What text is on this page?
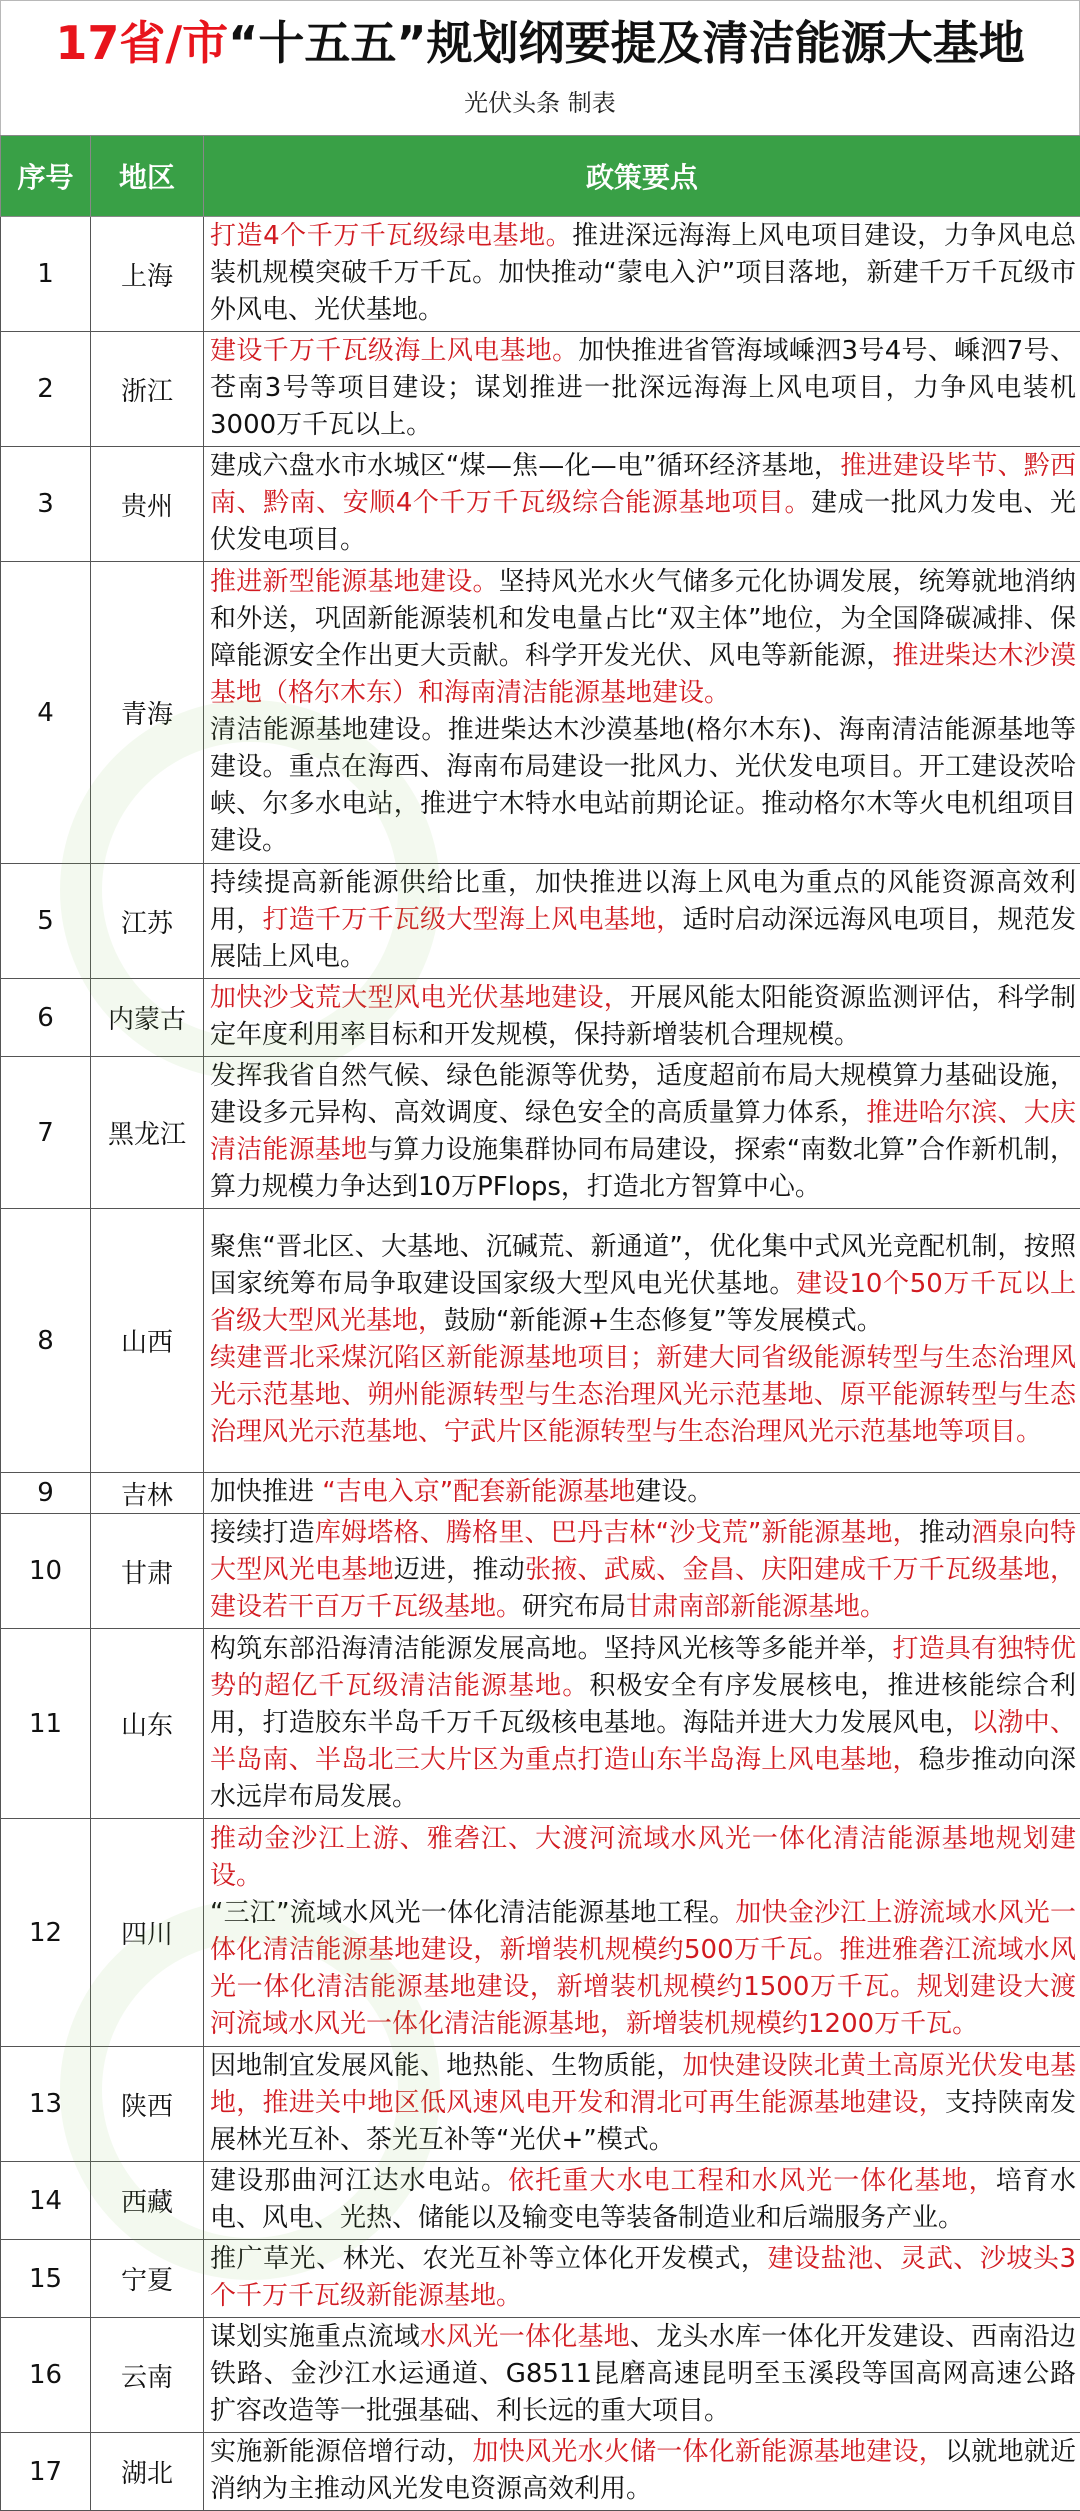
17省/市“十五五”规划纲要提及清洁能源大基地
光伏头条 制表
序号	地区	政策要点
1	上海	打造4个千万千瓦级绿电基地。推进深远海海上风电项目建设，力争风电总装机规模突破千万千瓦。加快推动“蒙电入沪”项目落地，新建千万千瓦级市外风电、光伏基地。
2	浙江	建设千万千瓦级海上风电基地。加快推进省管海域嵊泗3号4号、嵊泗7号、苍南3号等项目建设；谋划推进一批深远海海上风电项目，力争风电装机3000万千瓦以上。
3	贵州	建成六盘水市水城区“煤—焦—化—电”循环经济基地，推进建设毕节、黔西南、黔南、安顺4个千万千瓦级综合能源基地项目。建成一批风力发电、光伏发电项目。
4	青海	推进新型能源基地建设。坚持风光水火气储多元化协调发展，统筹就地消纳和外送，巩固新能源装机和发电量占比“双主体”地位，为全国降碳减排、保障能源安全作出更大贡献。科学开发光伏、风电等新能源，推进柴达木沙漠基地（格尔木东）和海南清洁能源基地建设。
清洁能源基地建设。推进柴达木沙漠基地(格尔木东)、海南清洁能源基地等建设。重点在海西、海南布局建设一批风力、光伏发电项目。开工建设茨哈峡、尔多水电站，推进宁木特水电站前期论证。推动格尔木等火电机组项目建设。
5	江苏	持续提高新能源供给比重，加快推进以海上风电为重点的风能资源高效利用，打造千万千瓦级大型海上风电基地，适时启动深远海风电项目，规范发展陆上风电。
6	内蒙古	加快沙戈荒大型风电光伏基地建设，开展风能太阳能资源监测评估，科学制定年度利用率目标和开发规模，保持新增装机合理规模。
7	黑龙江	发挥我省自然气候、绿色能源等优势，适度超前布局大规模算力基础设施，建设多元异构、高效调度、绿色安全的高质量算力体系，推进哈尔滨、大庆清洁能源基地与算力设施集群协同布局建设，探索“南数北算”合作新机制，算力规模力争达到10万PFlops，打造北方智算中心。
8	山西	聚焦“晋北区、大基地、沉碱荒、新通道”，优化集中式风光竞配机制，按照国家统筹布局争取建设国家级大型风电光伏基地。建设10个50万千瓦以上省级大型风光基地，鼓励“新能源+生态修复”等发展模式。
续建晋北采煤沉陷区新能源基地项目；新建大同省级能源转型与生态治理风光示范基地、朔州能源转型与生态治理风光示范基地、原平能源转型与生态治理风光示范基地、宁武片区能源转型与生态治理风光示范基地等项目。
9	吉林	加快推进 “吉电入京”配套新能源基地建设。
10	甘肃	接续打造库姆塔格、腾格里、巴丹吉林“沙戈荒”新能源基地，推动酒泉向特大型风光电基地迈进，推动张掖、武威、金昌、庆阳建成千万千瓦级基地，建设若干百万千瓦级基地。研究布局甘肃南部新能源基地。
11	山东	构筑东部沿海清洁能源发展高地。坚持风光核等多能并举，打造具有独特优势的超亿千瓦级清洁能源基地。积极安全有序发展核电，推进核能综合利用，打造胶东半岛千万千瓦级核电基地。海陆并进大力发展风电，以渤中、半岛南、半岛北三大片区为重点打造山东半岛海上风电基地，稳步推动向深水远岸布局发展。
12	四川	推动金沙江上游、雅砻江、大渡河流域水风光一体化清洁能源基地规划建设。
“三江”流域水风光一体化清洁能源基地工程。加快金沙江上游流域水风光一体化清洁能源基地建设，新增装机规模约500万千瓦。推进雅砻江流域水风光一体化清洁能源基地建设，新增装机规模约1500万千瓦。规划建设大渡河流域水风光一体化清洁能源基地，新增装机规模约1200万千瓦。
13	陕西	因地制宜发展风能、地热能、生物质能，加快建设陕北黄土高原光伏发电基地，推进关中地区低风速风电开发和渭北可再生能源基地建设，支持陕南发展林光互补、茶光互补等“光伏+”模式。
14	西藏	建设那曲河江达水电站。依托重大水电工程和水风光一体化基地，培育水电、风电、光热、储能以及输变电等装备制造业和后端服务产业。
15	宁夏	推广草光、林光、农光互补等立体化开发模式，建设盐池、灵武、沙坡头3个千万千瓦级新能源基地。
16	云南	谋划实施重点流域水风光一体化基地、龙头水库一体化开发建设、西南沿边铁路、金沙江水运通道、G8511昆磨高速昆明至玉溪段等国高网高速公路扩容改造等一批强基础、利长远的重大项目。
17	湖北	实施新能源倍增行动，加快风光水火储一体化新能源基地建设，以就地就近消纳为主推动风光发电资源高效利用。
